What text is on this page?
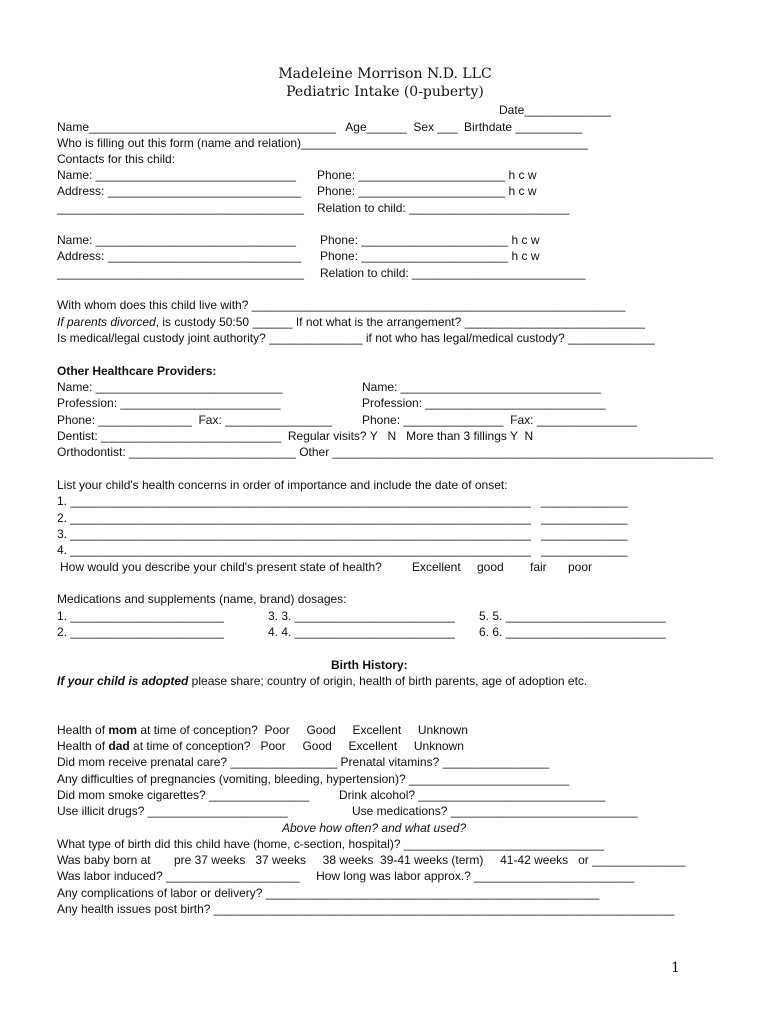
Madeleine Morrison N.D. LLC
Pediatric Intake (0-puberty)
Date_____________
Name_____________________________________   Age______  Sex ___  Birthdate __________
Who is filling out this form (name and relation)___________________________________________
Contacts for this child:
Name: ______________________________ Phone: ______________________ h c w
Address: _____________________________ Phone: ______________________ h c w
_____________________________________ Relation to child: ________________________
Name: ______________________________ Phone: ______________________ h c w
Address: _____________________________ Phone: ______________________ h c w
_____________________________________ Relation to child: __________________________
With whom does this child live with? ________________________________________________________
If parents divorced, is custody 50:50 ______ If not what is the arrangement? ___________________________
Is medical/legal custody joint authority? ______________ if not who has legal/medical custody? _____________
Other Healthcare Providers:
Name: ____________________________	Name: ______________________________
Profession: ________________________	Profession: ___________________________
Phone: ______________  Fax: ________________	Phone: _______________  Fax: _______________
Dentist: ___________________________  Regular visits? Y   N   More than 3 fillings Y  N
Orthodontist: _________________________ Other _________________________________________________________
List your child's health concerns in order of importance and include the date of onset:
1. _____________________________________________________________________   _____________
2. _____________________________________________________________________   _____________
3. _____________________________________________________________________   _____________
4. _____________________________________________________________________   _____________
How would you describe your child's present state of health?	Excellent good fair poor
Medications and supplements (name, brand) dosages:
1. _______________________	3. 3. ________________________ 5. 5. ________________________
2. _______________________	4. 4. ________________________ 6. 6. ________________________
Birth History:
If your child is adopted please share; country of origin, health of birth parents, age of adoption etc.
Health of mom at time of conception?  Poor     Good     Excellent     Unknown
Health of dad at time of conception?   Poor     Good     Excellent     Unknown
Did mom receive prenatal care? ________________ Prenatal vitamins? ________________
Any difficulties of pregnancies (vomiting, bleeding, hypertension)? ________________________
Did mom smoke cigarettes? _______________ Drink alcohol? ____________________________
Use illicit drugs? _____________________	Use medications? ____________________________
Above how often? and what used?
What type of birth did this child have (home, c-section, hospital)? ______________________________
Was baby born at       pre 37 weeks   37 weeks     38 weeks  39-41 weeks (term)     41-42 weeks   or ______________
Was labor induced? ____________________     How long was labor approx.? ________________________
Any complications of labor or delivery? __________________________________________________
Any health issues post birth? _____________________________________________________________________
1
